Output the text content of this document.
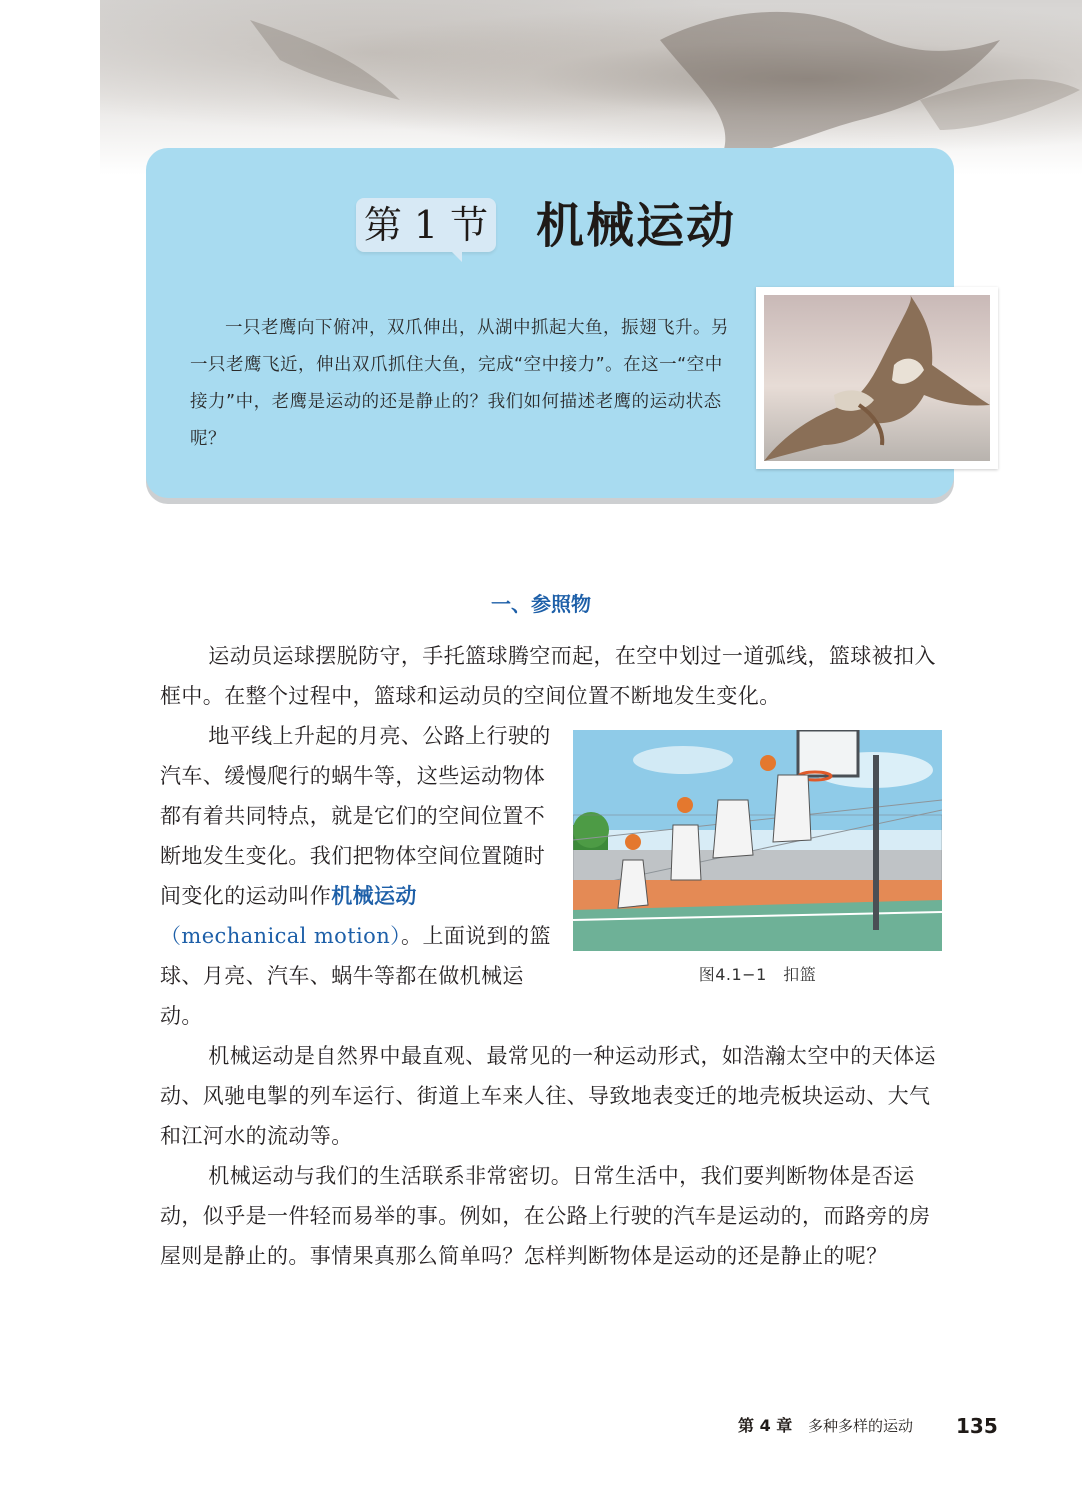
第 1 节 机械运动

一只老鹰向下俯冲，双爪伸出，从湖中抓起大鱼，振翅飞升。另一只老鹰飞近，伸出双爪抓住大鱼，完成“空中接力”。在这一“空中接力”中，老鹰是运动的还是静止的？我们如何描述老鹰的运动状态呢？

一、参照物

运动员运球摆脱防守，手托篮球腾空而起，在空中划过一道弧线，篮球被扣入框中。在整个过程中，篮球和运动员的空间位置不断地发生变化。

地平线上升起的月亮、公路上行驶的汽车、缓慢爬行的蜗牛等，这些运动物体都有着共同特点，就是它们的空间位置不断地发生变化。我们把物体空间位置随时间变化的运动叫作机械运动（mechanical motion）。上面说到的篮球、月亮、汽车、蜗牛等都在做机械运动。

图4.1−1　扣篮

机械运动是自然界中最直观、最常见的一种运动形式，如浩瀚太空中的天体运动、风驰电掣的列车运行、街道上车来人往、导致地表变迁的地壳板块运动、大气和江河水的流动等。

机械运动与我们的生活联系非常密切。日常生活中，我们要判断物体是否运动，似乎是一件轻而易举的事。例如，在公路上行驶的汽车是运动的，而路旁的房屋则是静止的。事情果真那么简单吗？怎样判断物体是运动的还是静止的呢？

第 4 章 多种多样的运动 135
